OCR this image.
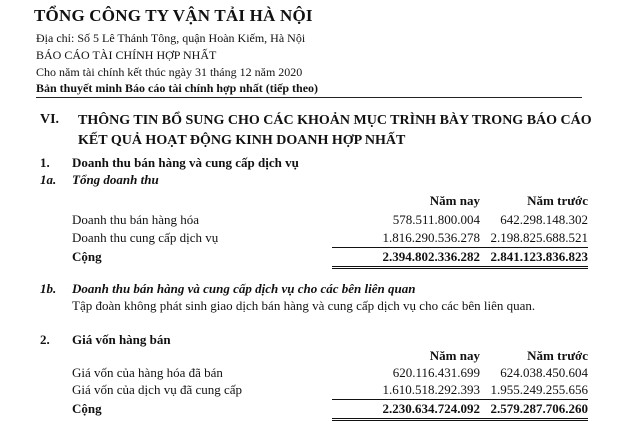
TỔNG CÔNG TY VẬN TẢI HÀ NỘI
Địa chỉ: Số 5 Lê Thánh Tông, quận Hoàn Kiếm, Hà Nội
BÁO CÁO TÀI CHÍNH HỢP NHẤT
Cho năm tài chính kết thúc ngày 31 tháng 12 năm 2020
Bản thuyết minh Báo cáo tài chính hợp nhất (tiếp theo)
VI. THÔNG TIN BỔ SUNG CHO CÁC KHOẢN MỤC TRÌNH BÀY TRONG BÁO CÁO KẾT QUẢ HOẠT ĐỘNG KINH DOANH HỢP NHẤT
1. Doanh thu bán hàng và cung cấp dịch vụ
1a. Tổng doanh thu
Năm nay	Năm trước
Doanh thu bán hàng hóa	578.511.800.004	642.298.148.302
Doanh thu cung cấp dịch vụ	1.816.290.536.278 2.198.825.688.521
Cộng	2.394.802.336.282 2.841.123.836.823
1b. Doanh thu bán hàng và cung cấp dịch vụ cho các bên liên quan
Tập đoàn không phát sinh giao dịch bán hàng và cung cấp dịch vụ cho các bên liên quan.
2. Giá vốn hàng bán
Năm nay	Năm trước
Giá vốn của hàng hóa đã bán	620.116.431.699	624.038.450.604
Giá vốn của dịch vụ đã cung cấp	1.610.518.292.393 1.955.249.255.656
Cộng	2.230.634.724.092 2.579.287.706.260
